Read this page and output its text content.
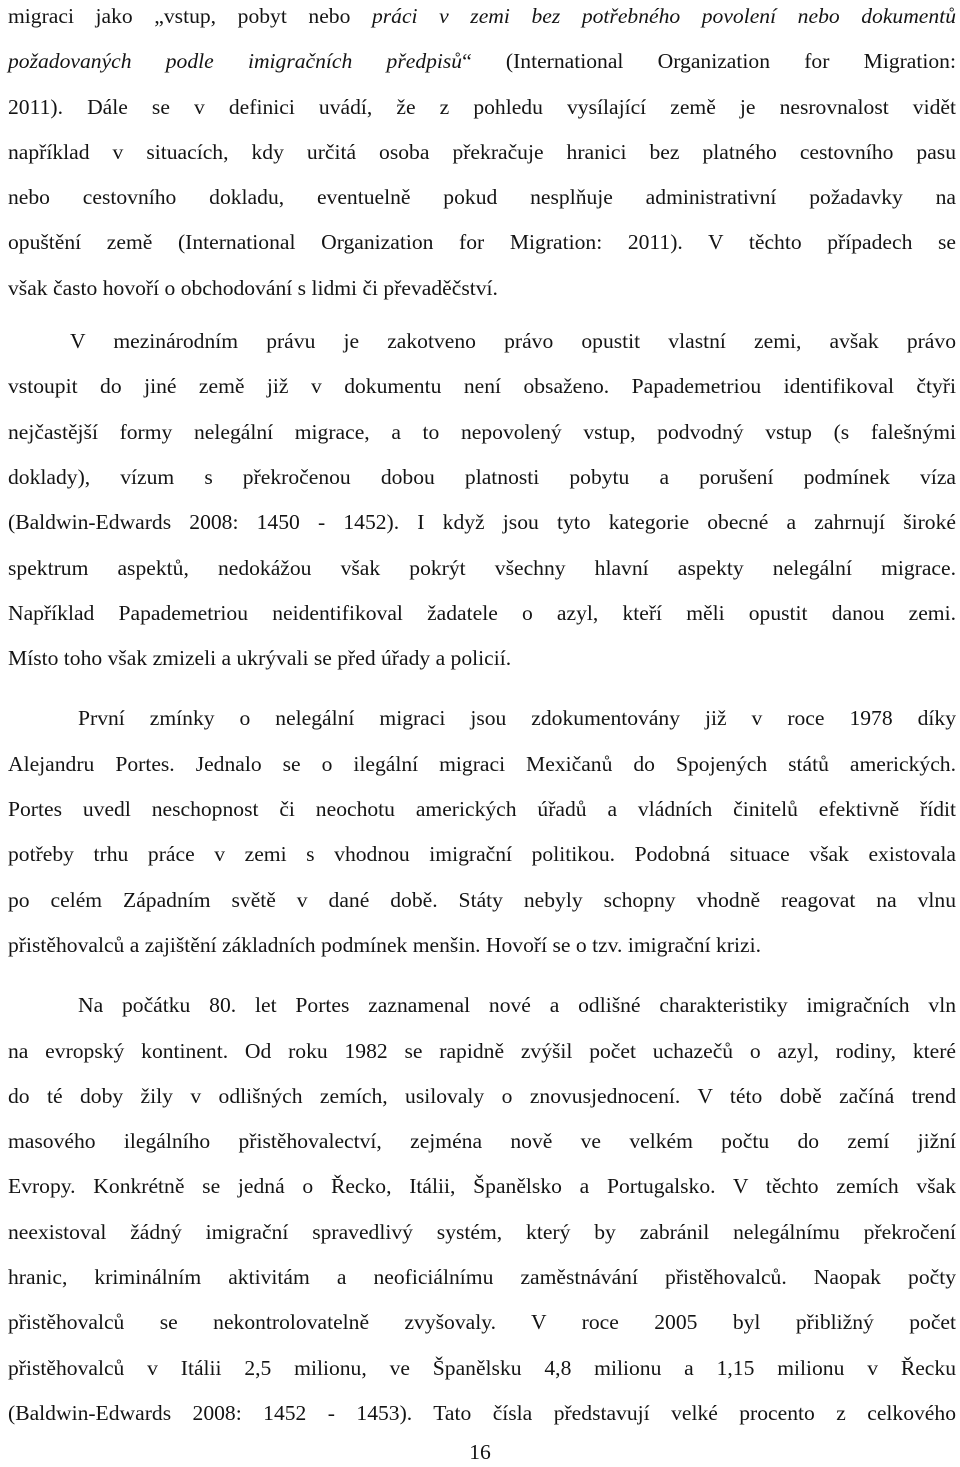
migraci jako „vstup, pobyt nebo práci v zemi bez potřebného povolení nebo dokumentů
požadovaných podle imigračních předpisů“ (International Organization for Migration:
2011). Dále se v definici uvádí, že z pohledu vysílající země je nesrovnalost vidět
například v situacích, kdy určitá osoba překračuje hranici bez platného cestovního pasu
nebo cestovního dokladu, eventuelně pokud nesplňuje administrativní požadavky na
opuštění země (International Organization for Migration: 2011). V těchto případech se
však často hovoří o obchodování s lidmi či převaděčství.
V mezinárodním právu je zakotveno právo opustit vlastní zemi, avšak právo
vstoupit do jiné země již v dokumentu není obsaženo. Papademetriou identifikoval čtyři
nejčastější formy nelegální migrace, a to nepovolený vstup, podvodný vstup (s falešnými
doklady), vízum s překročenou dobou platnosti pobytu a porušení podmínek víza
(Baldwin-Edwards 2008: 1450 - 1452). I když jsou tyto kategorie obecné a zahrnují široké
spektrum aspektů, nedokážou však pokrýt všechny hlavní aspekty nelegální migrace.
Například Papademetriou neidentifikoval žadatele o azyl, kteří měli opustit danou zemi.
Místo toho však zmizeli a ukrývali se před úřady a policií.
První zmínky o nelegální migraci jsou zdokumentovány již v roce 1978 díky
Alejandru Portes. Jednalo se o ilegální migraci Mexičanů do Spojených států amerických.
Portes uvedl neschopnost či neochotu amerických úřadů a vládních činitelů efektivně řídit
potřeby trhu práce v zemi s vhodnou imigrační politikou. Podobná situace však existovala
po celém Západním světě v dané době. Státy nebyly schopny vhodně reagovat na vlnu
přistěhovalců a zajištění základních podmínek menšin. Hovoří se o tzv. imigrační krizi.
Na počátku 80. let Portes zaznamenal nové a odlišné charakteristiky imigračních vln
na evropský kontinent. Od roku 1982 se rapidně zvýšil počet uchazečů o azyl, rodiny, které
do té doby žily v odlišných zemích, usilovaly o znovusjednocení. V této době začíná trend
masového ilegálního přistěhovalectví, zejména nově ve velkém počtu do zemí jižní
Evropy. Konkrétně se jedná o Řecko, Itálii, Španělsko a Portugalsko. V těchto zemích však
neexistoval žádný imigrační spravedlivý systém, který by zabránil nelegálnímu překročení
hranic, kriminálním aktivitám a neoficiálnímu zaměstnávání přistěhovalců. Naopak počty
přistěhovalců se nekontrolovatelně zvyšovaly. V roce 2005 byl přibližný počet
přistěhovalců v Itálii 2,5 milionu, ve Španělsku 4,8 milionu a 1,15 milionu v Řecku
(Baldwin-Edwards 2008: 1452 - 1453). Tato čísla představují velké procento z celkového
16
